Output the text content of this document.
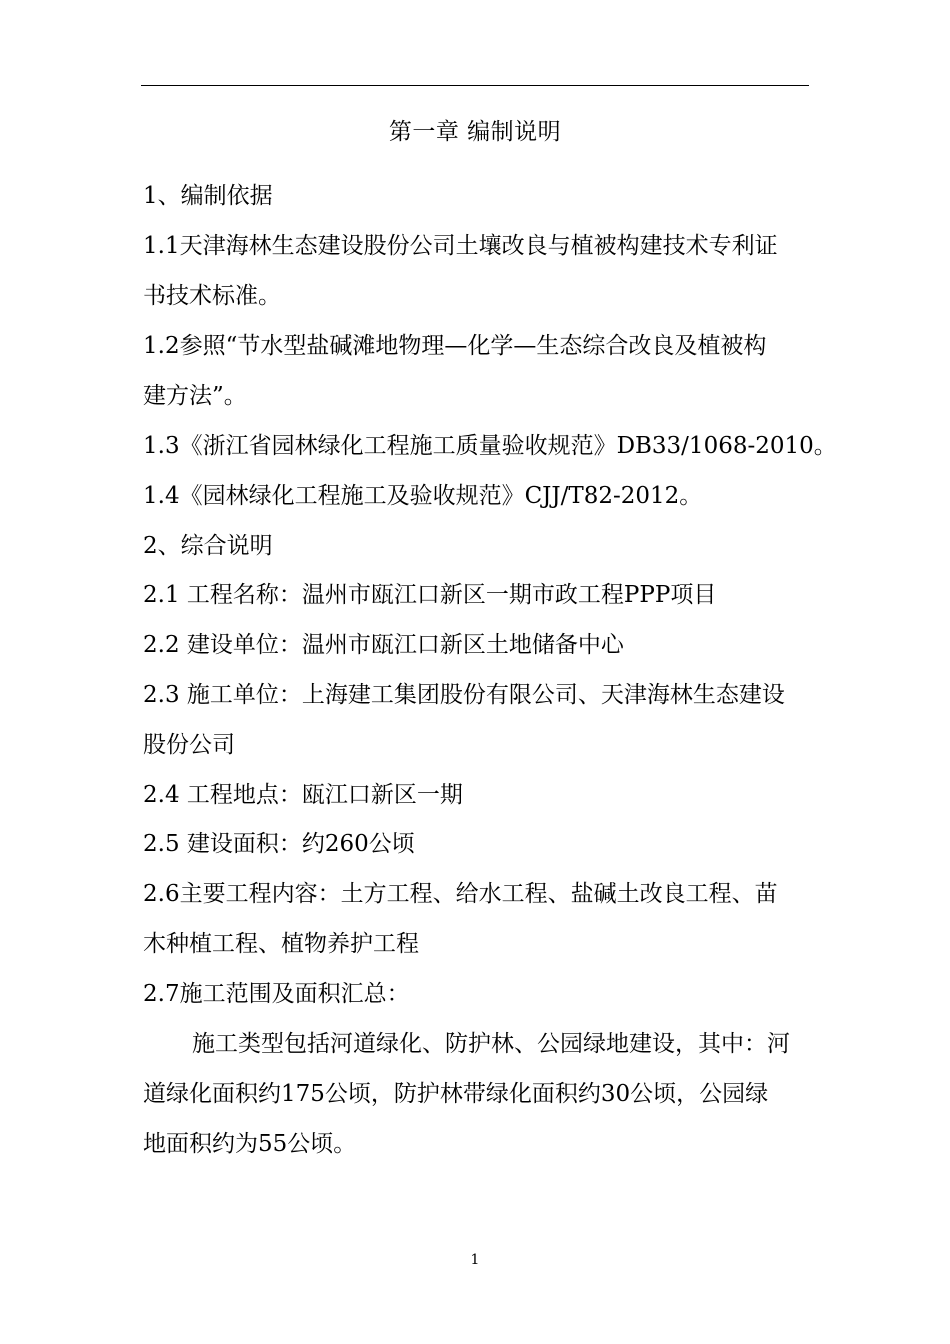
第一章 编制说明
1、编制依据
1.1天津海林生态建设股份公司土壤改良与植被构建技术专利证
书技术标准。
1.2参照“节水型盐碱滩地物理—化学—生态综合改良及植被构
建方法”。
1.3《浙江省园林绿化工程施工质量验收规范》DB33/1068-2010。
1.4《园林绿化工程施工及验收规范》CJJ/T82-2012。
2、综合说明
2.1 工程名称：温州市瓯江口新区一期市政工程PPP项目
2.2 建设单位：温州市瓯江口新区土地储备中心
2.3 施工单位：上海建工集团股份有限公司、天津海林生态建设
股份公司
2.4 工程地点：瓯江口新区一期
2.5 建设面积：约260公顷
2.6主要工程内容：土方工程、给水工程、盐碱土改良工程、苗
木种植工程、植物养护工程
2.7施工范围及面积汇总：
施工类型包括河道绿化、防护林、公园绿地建设，其中：河
道绿化面积约175公顷，防护林带绿化面积约30公顷，公园绿
地面积约为55公顷。
1
